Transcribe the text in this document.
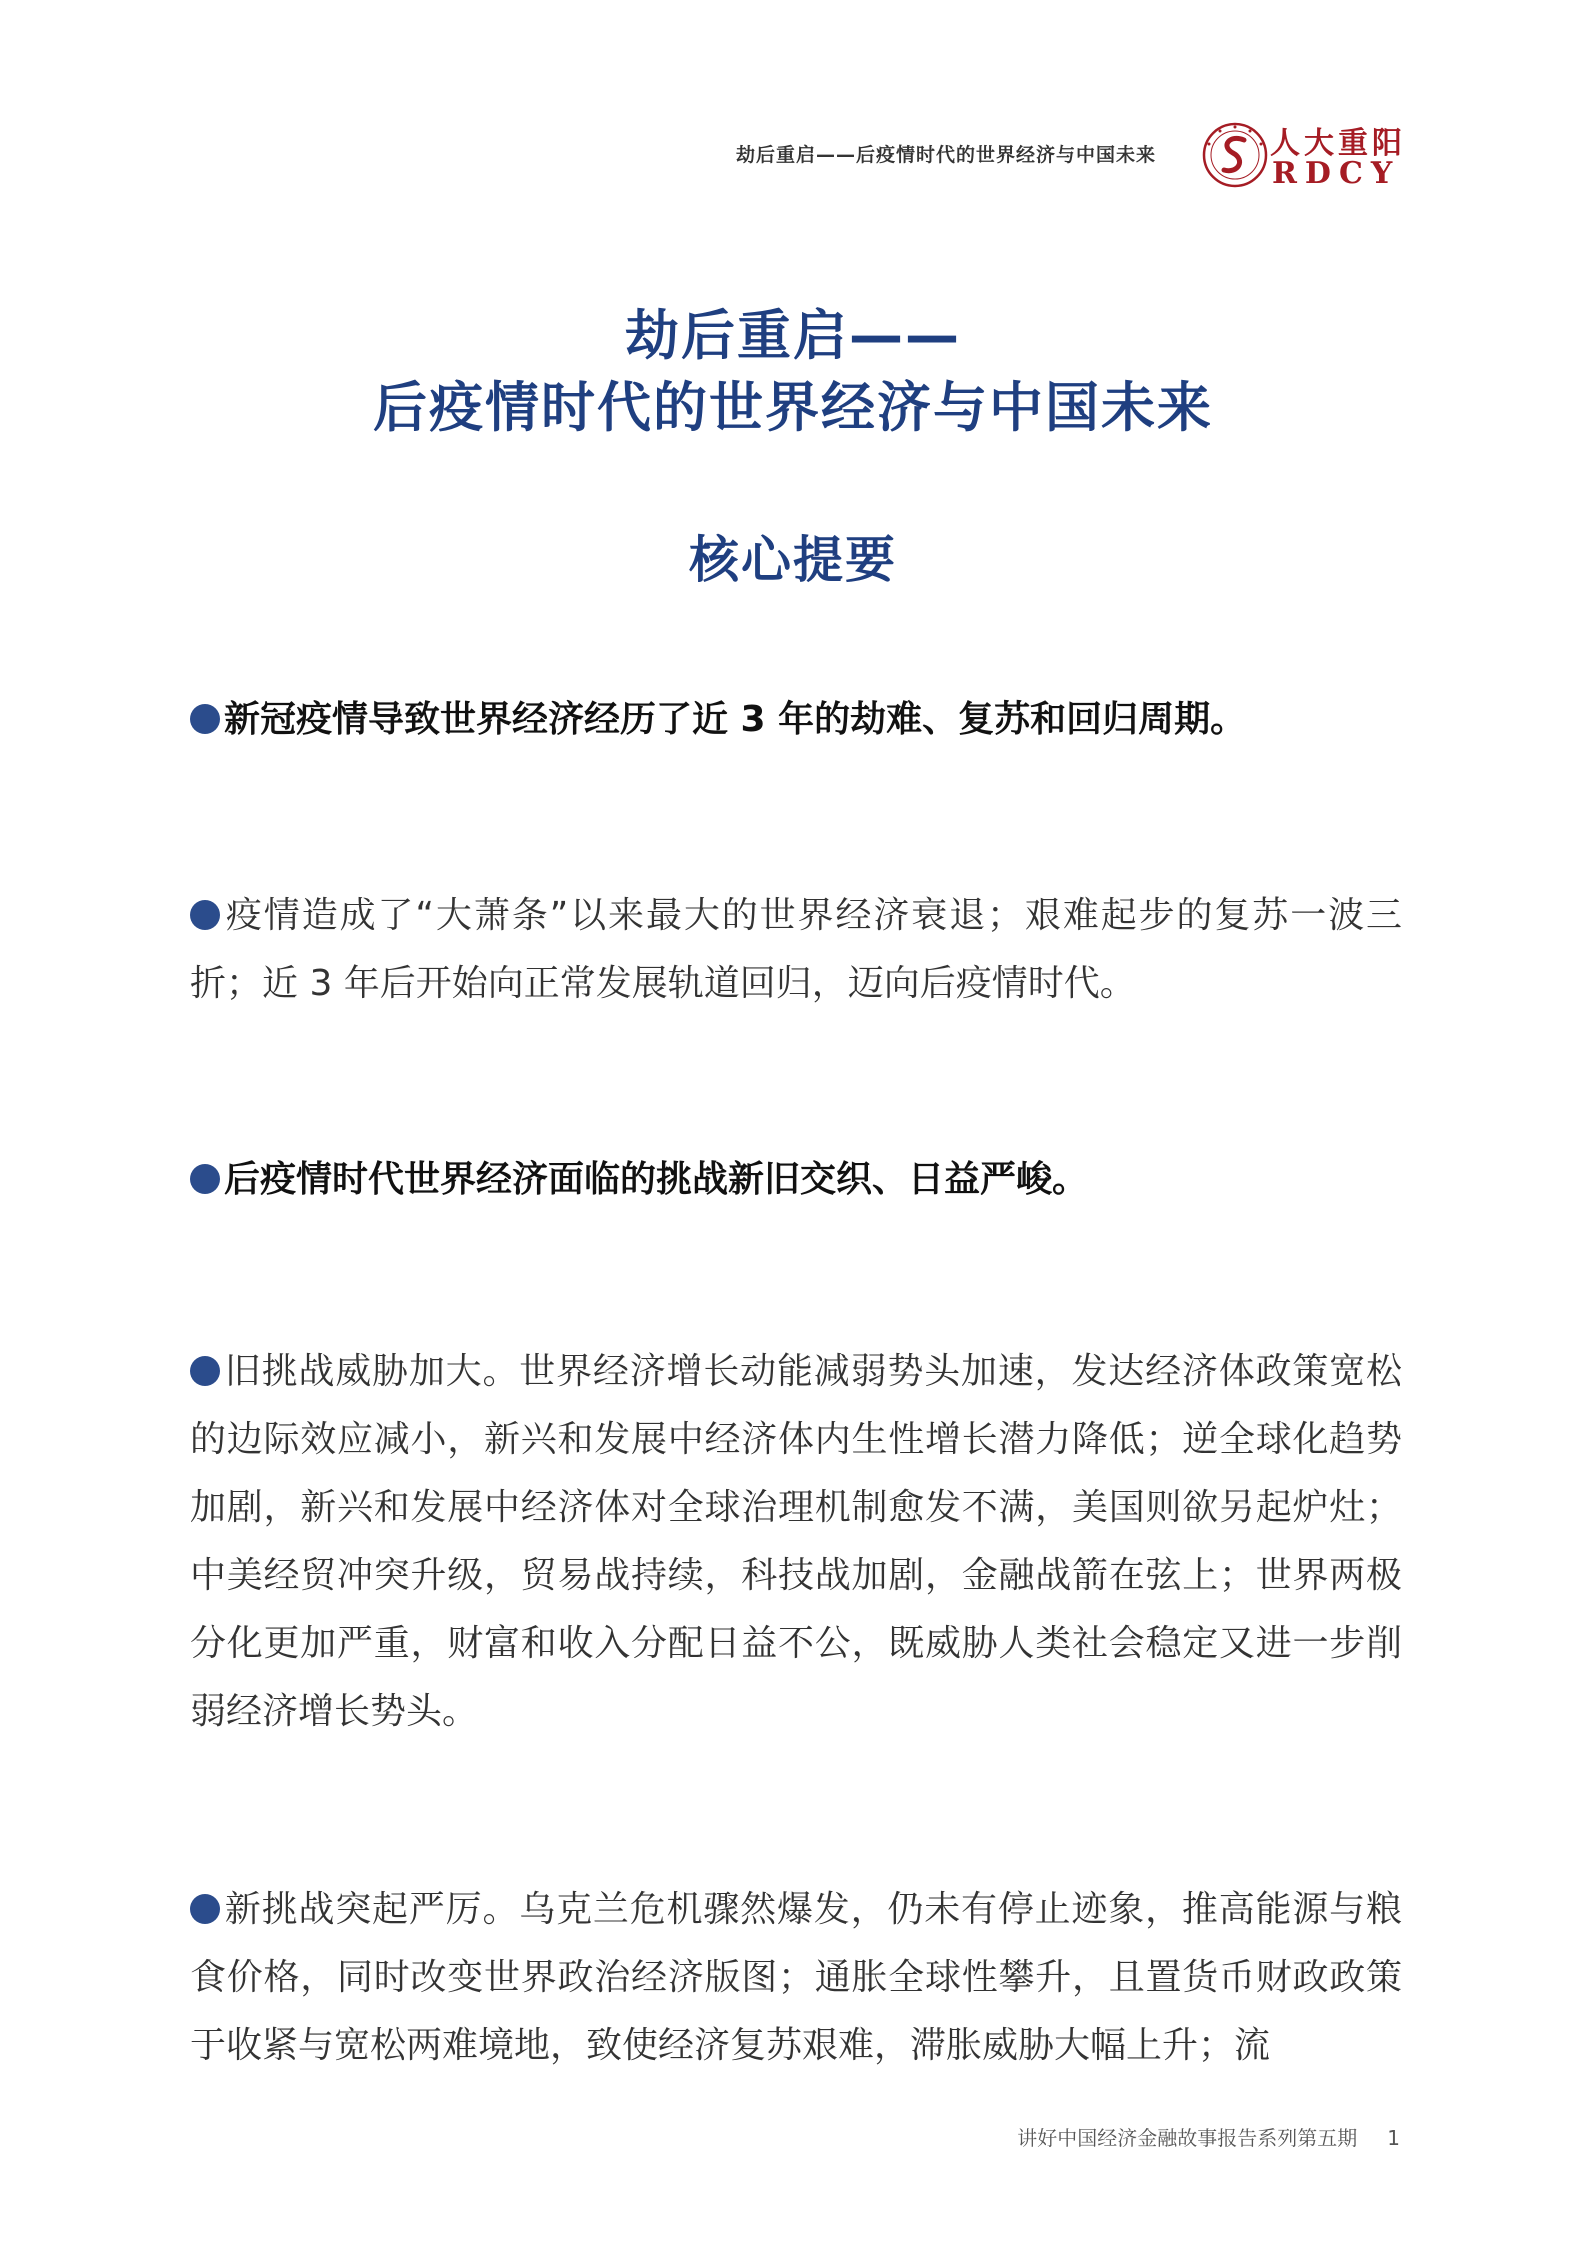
劫后重启——后疫情时代的世界经济与中国未来	人大重阳
RDCY
劫后重启——
后疫情时代的世界经济与中国未来
核心提要
新冠疫情导致世界经济经历了近 3 年的劫难、复苏和回归周期。
疫情造成了“大萧条”以来最大的世界经济衰退；艰难起步的复苏一波三折；近 3 年后开始向正常发展轨道回归，迈向后疫情时代。
后疫情时代世界经济面临的挑战新旧交织、日益严峻。
旧挑战威胁加大。世界经济增长动能减弱势头加速，发达经济体政策宽松的边际效应减小，新兴和发展中经济体内生性增长潜力降低；逆全球化趋势加剧，新兴和发展中经济体对全球治理机制愈发不满，美国则欲另起炉灶；中美经贸冲突升级，贸易战持续，科技战加剧，金融战箭在弦上；世界两极分化更加严重，财富和收入分配日益不公，既威胁人类社会稳定又进一步削弱经济增长势头。
新挑战突起严厉。乌克兰危机骤然爆发，仍未有停止迹象，推高能源与粮食价格，同时改变世界政治经济版图；通胀全球性攀升，且置货币财政政策于收紧与宽松两难境地，致使经济复苏艰难，滞胀威胁大幅上升；流
讲好中国经济金融故事报告系列第五期 1
